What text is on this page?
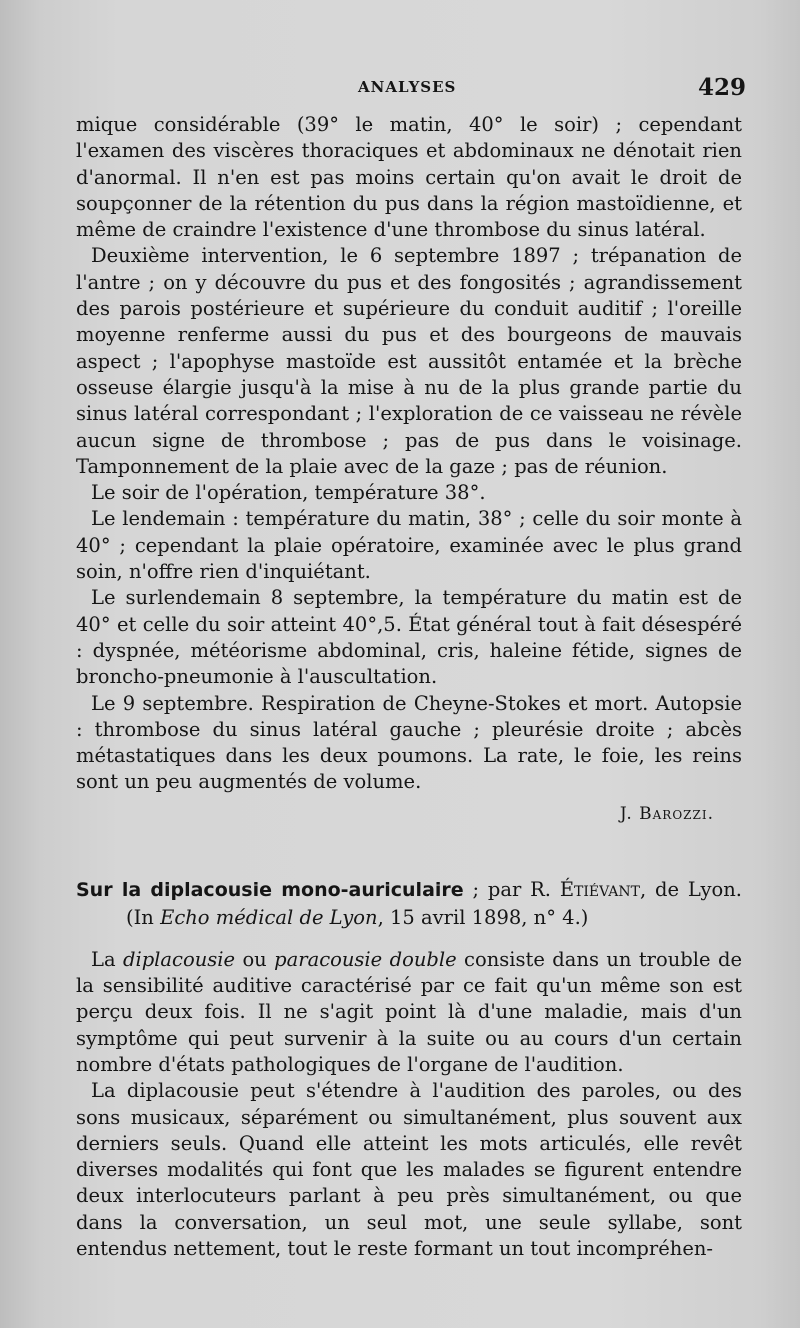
ANALYSES	429

mique considérable (39° le matin, 40° le soir) ; cependant l'examen des viscères thoraciques et abdominaux ne dénotait rien d'anormal. Il n'en est pas moins certain qu'on avait le droit de soupçonner de la rétention du pus dans la région mastoïdienne, et même de craindre l'existence d'une thrombose du sinus latéral.

Deuxième intervention, le 6 septembre 1897 ; trépanation de l'antre ; on y découvre du pus et des fongosités ; agrandissement des parois postérieure et supérieure du conduit auditif ; l'oreille moyenne renferme aussi du pus et des bourgeons de mauvais aspect ; l'apophyse mastoïde est aussitôt entamée et la brèche osseuse élargie jusqu'à la mise à nu de la plus grande partie du sinus latéral correspondant ; l'exploration de ce vaisseau ne révèle aucun signe de thrombose ; pas de pus dans le voisinage. Tamponnement de la plaie avec de la gaze ; pas de réunion.

Le soir de l'opération, température 38°.

Le lendemain : température du matin, 38° ; celle du soir monte à 40° ; cependant la plaie opératoire, examinée avec le plus grand soin, n'offre rien d'inquiétant.

Le surlendemain 8 septembre, la température du matin est de 40° et celle du soir atteint 40°,5. État général tout à fait désespéré : dyspnée, météorisme abdominal, cris, haleine fétide, signes de broncho-pneumonie à l'auscultation.

Le 9 septembre. Respiration de Cheyne-Stokes et mort. Autopsie : thrombose du sinus latéral gauche ; pleurésie droite ; abcès métastatiques dans les deux poumons. La rate, le foie, les reins sont un peu augmentés de volume.

J. Barozzi.

Sur la diplacousie mono-auriculaire ; par R. Étiévant, de Lyon. (In Echo médical de Lyon, 15 avril 1898, n° 4.)

La diplacousie ou paracousie double consiste dans un trouble de la sensibilité auditive caractérisé par ce fait qu'un même son est perçu deux fois. Il ne s'agit point là d'une maladie, mais d'un symptôme qui peut survenir à la suite ou au cours d'un certain nombre d'états pathologiques de l'organe de l'audition.

La diplacousie peut s'étendre à l'audition des paroles, ou des sons musicaux, séparément ou simultanément, plus souvent aux derniers seuls. Quand elle atteint les mots articulés, elle revêt diverses modalités qui font que les malades se figurent entendre deux interlocuteurs parlant à peu près simultanément, ou que dans la conversation, un seul mot, une seule syllabe, sont entendus nettement, tout le reste formant un tout incompréhen-
